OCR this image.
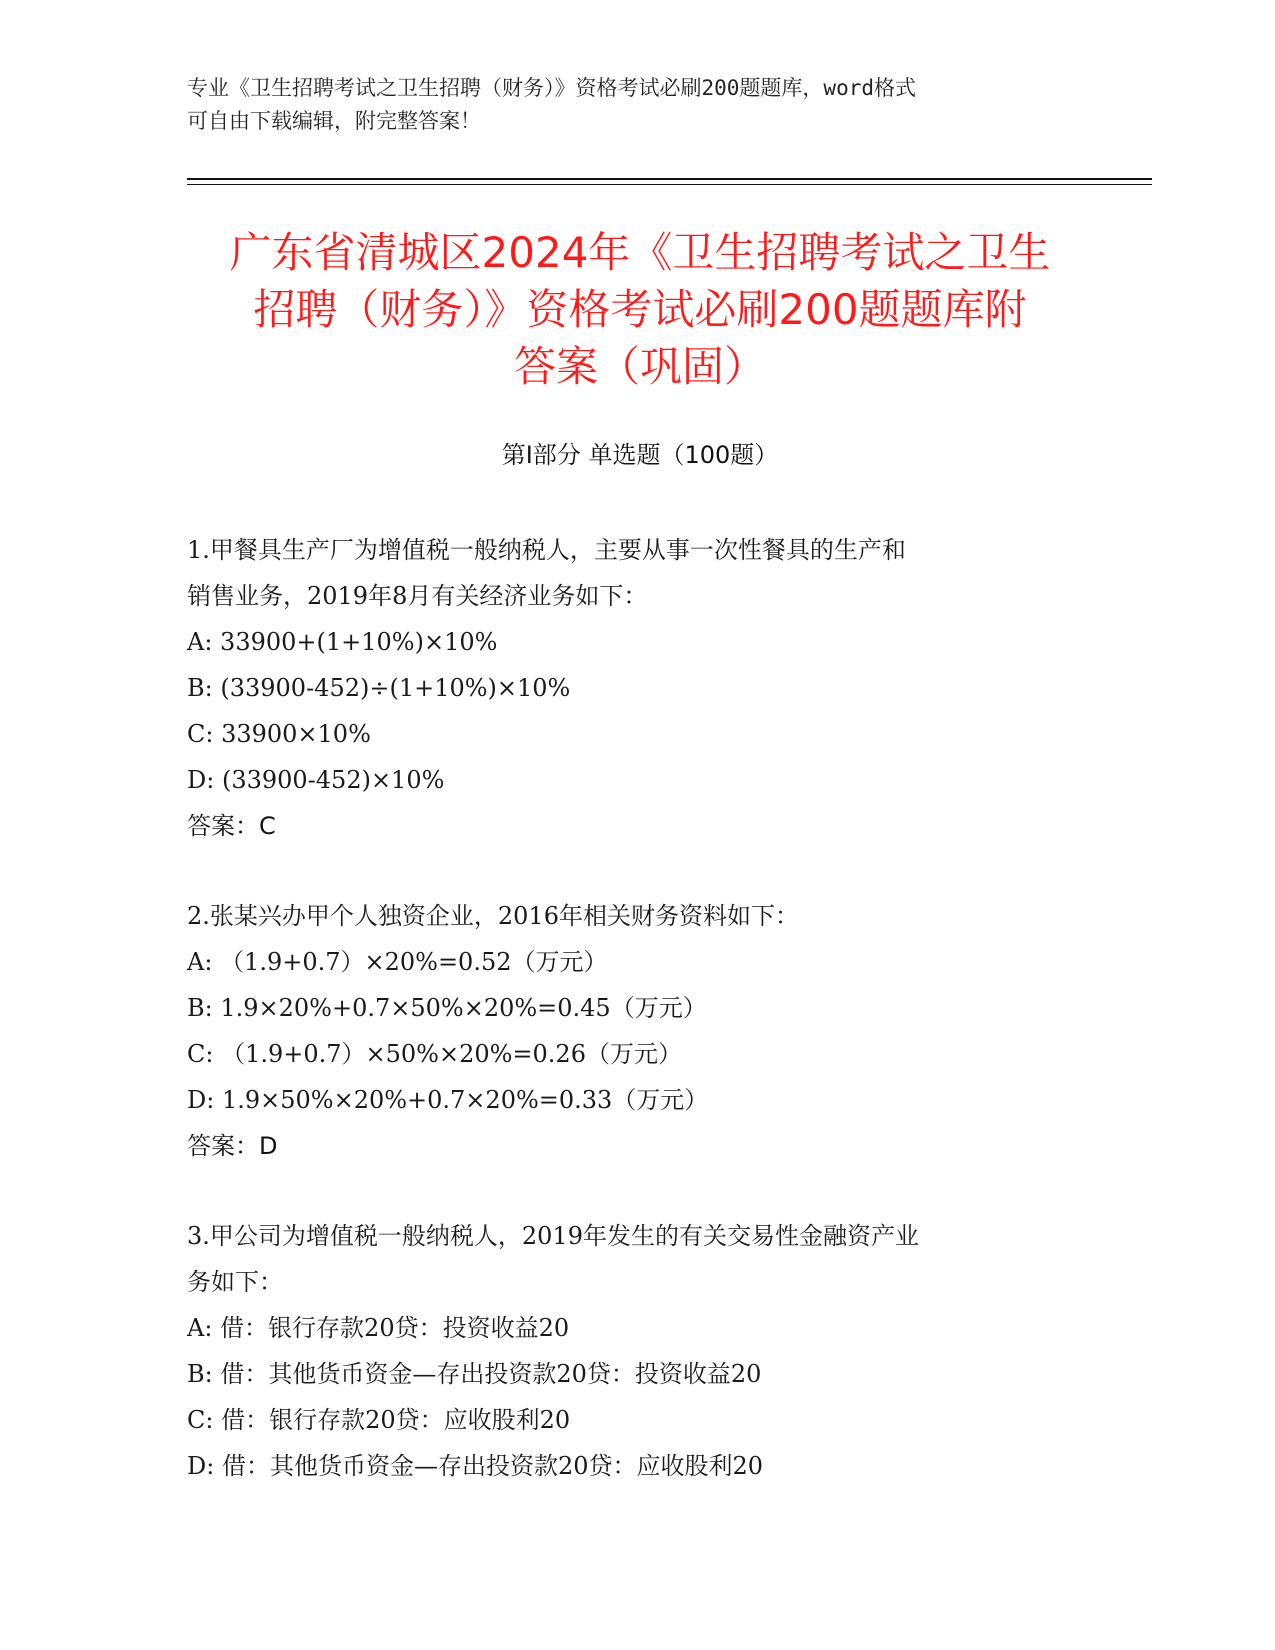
专业《卫生招聘考试之卫生招聘（财务）》资格考试必刷200题题库，word格式
可自由下载编辑，附完整答案！
广东省清城区2024年《卫生招聘考试之卫生
招聘（财务）》资格考试必刷200题题库附
答案（巩固）
第Ⅰ部分 单选题（100题）
1.甲餐具生产厂为增值税一般纳税人，主要从事一次性餐具的生产和
销售业务，2019年8月有关经济业务如下：
A: 33900+(1+10%)×10%
B: (33900-452)÷(1+10%)×10%
C: 33900×10%
D: (33900-452)×10%
答案：C
2.张某兴办甲个人独资企业，2016年相关财务资料如下：
A: （1.9+0.7）×20%=0.52（万元）
B: 1.9×20%+0.7×50%×20%=0.45（万元）
C: （1.9+0.7）×50%×20%=0.26（万元）
D: 1.9×50%×20%+0.7×20%=0.33（万元）
答案：D
3.甲公司为增值税一般纳税人，2019年发生的有关交易性金融资产业
务如下：
A: 借：银行存款20贷：投资收益20
B: 借：其他货币资金—存出投资款20贷：投资收益20
C: 借：银行存款20贷：应收股利20
D: 借：其他货币资金—存出投资款20贷：应收股利20
